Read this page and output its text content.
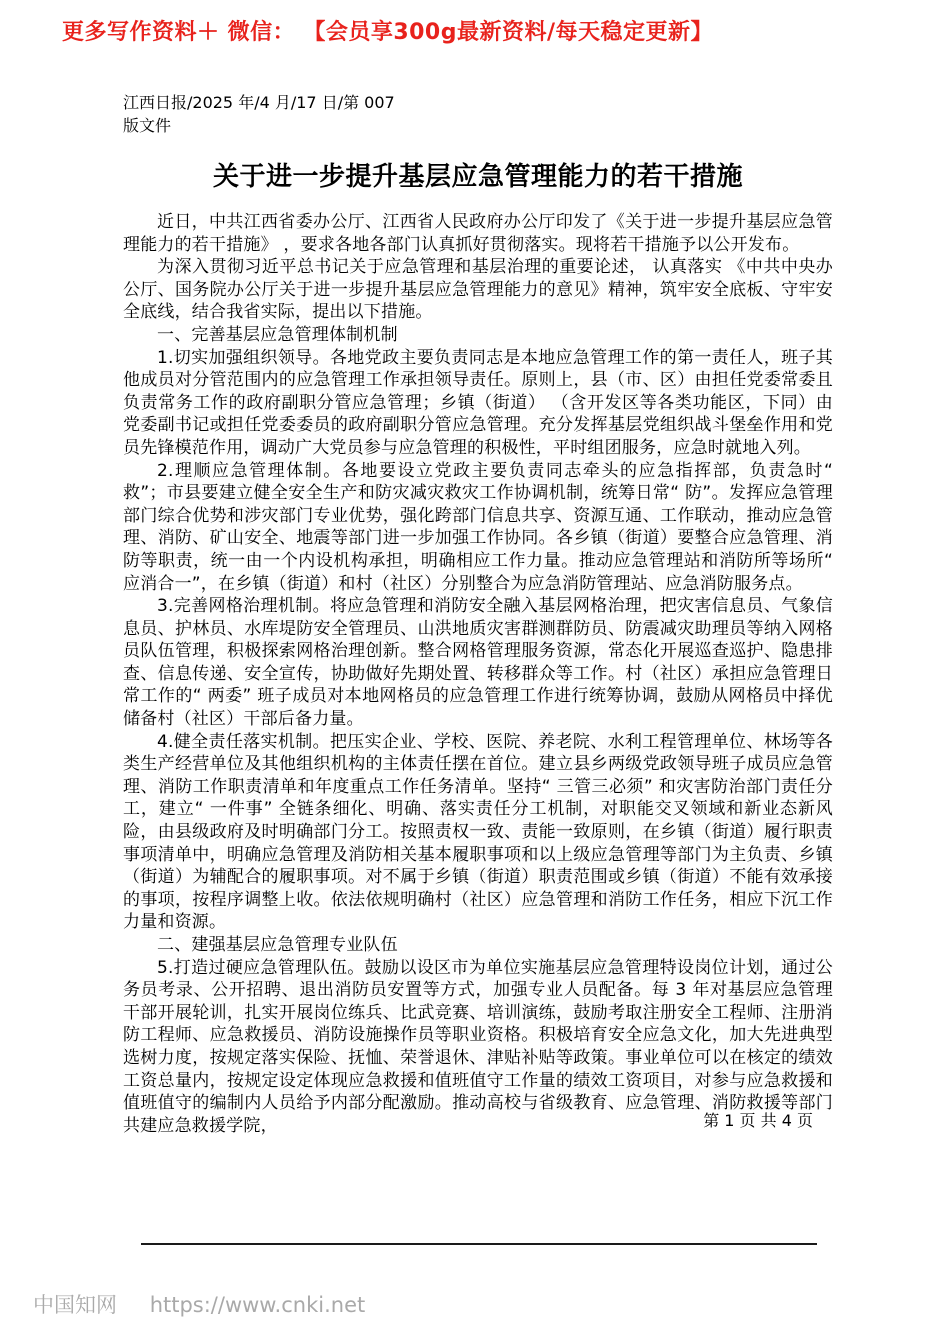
更多写作资料＋ 微信： 【会员享300g最新资料/每天稳定更新】
江西日报/2025 年/4 月/17 日/第 007
版文件
关于进一步提升基层应急管理能力的若干措施

近日，中共江西省委办公厅、江西省人民政府办公厅印发了《关于进一步提升基层应急管理能力的若干措施》 ，要求各地各部门认真抓好贯彻落实。现将若干措施予以公开发布。

为深入贯彻习近平总书记关于应急管理和基层治理的重要论述， 认真落实 《中共中央办公厅、国务院办公厅关于进一步提升基层应急管理能力的意见》精神，筑牢安全底板、守牢安全底线，结合我省实际，提出以下措施。

一、完善基层应急管理体制机制

1.切实加强组织领导。各地党政主要负责同志是本地应急管理工作的第一责任人，班子其他成员对分管范围内的应急管理工作承担领导责任。原则上，县（市、区）由担任党委常委且负责常务工作的政府副职分管应急管理；乡镇（街道） （含开发区等各类功能区，下同）由党委副书记或担任党委委员的政府副职分管应急管理。充分发挥基层党组织战斗堡垒作用和党员先锋模范作用，调动广大党员参与应急管理的积极性，平时组团服务，应急时就地入列。

2.理顺应急管理体制。各地要设立党政主要负责同志牵头的应急指挥部，负责急时“ 救”；市县要建立健全安全生产和防灾减灾救灾工作协调机制，统筹日常“ 防”。发挥应急管理部门综合优势和涉灾部门专业优势，强化跨部门信息共享、资源互通、工作联动，推动应急管理、消防、矿山安全、地震等部门进一步加强工作协同。各乡镇（街道）要整合应急管理、消防等职责，统一由一个内设机构承担，明确相应工作力量。推动应急管理站和消防所等场所“ 应消合一”，在乡镇（街道）和村（社区）分别整合为应急消防管理站、应急消防服务点。

3.完善网格治理机制。将应急管理和消防安全融入基层网格治理，把灾害信息员、气象信息员、护林员、水库堤防安全管理员、山洪地质灾害群测群防员、防震减灾助理员等纳入网格员队伍管理，积极探索网格治理创新。整合网格管理服务资源，常态化开展巡查巡护、隐患排查、信息传递、安全宣传，协助做好先期处置、转移群众等工作。村（社区）承担应急管理日常工作的“ 两委” 班子成员对本地网格员的应急管理工作进行统筹协调，鼓励从网格员中择优储备村（社区）干部后备力量。

4.健全责任落实机制。把压实企业、学校、医院、养老院、水利工程管理单位、林场等各类生产经营单位及其他组织机构的主体责任摆在首位。建立县乡两级党政领导班子成员应急管理、消防工作职责清单和年度重点工作任务清单。坚持“ 三管三必须” 和灾害防治部门责任分工，建立“ 一件事” 全链条细化、明确、落实责任分工机制，对职能交叉领域和新业态新风险，由县级政府及时明确部门分工。按照责权一致、责能一致原则，在乡镇（街道）履行职责事项清单中，明确应急管理及消防相关基本履职事项和以上级应急管理等部门为主负责、乡镇（街道）为辅配合的履职事项。对不属于乡镇（街道）职责范围或乡镇（街道）不能有效承接的事项，按程序调整上收。依法依规明确村（社区）应急管理和消防工作任务，相应下沉工作力量和资源。

二、建强基层应急管理专业队伍

5.打造过硬应急管理队伍。鼓励以设区市为单位实施基层应急管理特设岗位计划，通过公务员考录、公开招聘、退出消防员安置等方式，加强专业人员配备。每 3 年对基层应急管理干部开展轮训，扎实开展岗位练兵、比武竞赛、培训演练，鼓励考取注册安全工程师、注册消防工程师、应急救援员、消防设施操作员等职业资格。积极培育安全应急文化，加大先进典型选树力度，按规定落实保险、抚恤、荣誉退休、津贴补贴等政策。事业单位可以在核定的绩效工资总量内，按规定设定体现应急救援和值班值守工作量的绩效工资项目，对参与应急救援和值班值守的编制内人员给予内部分配激励。推动高校与省级教育、应急管理、消防救援等部门共建应急救援学院，	第 1 页 共 4 页
中国知网 https://www.cnki.net
